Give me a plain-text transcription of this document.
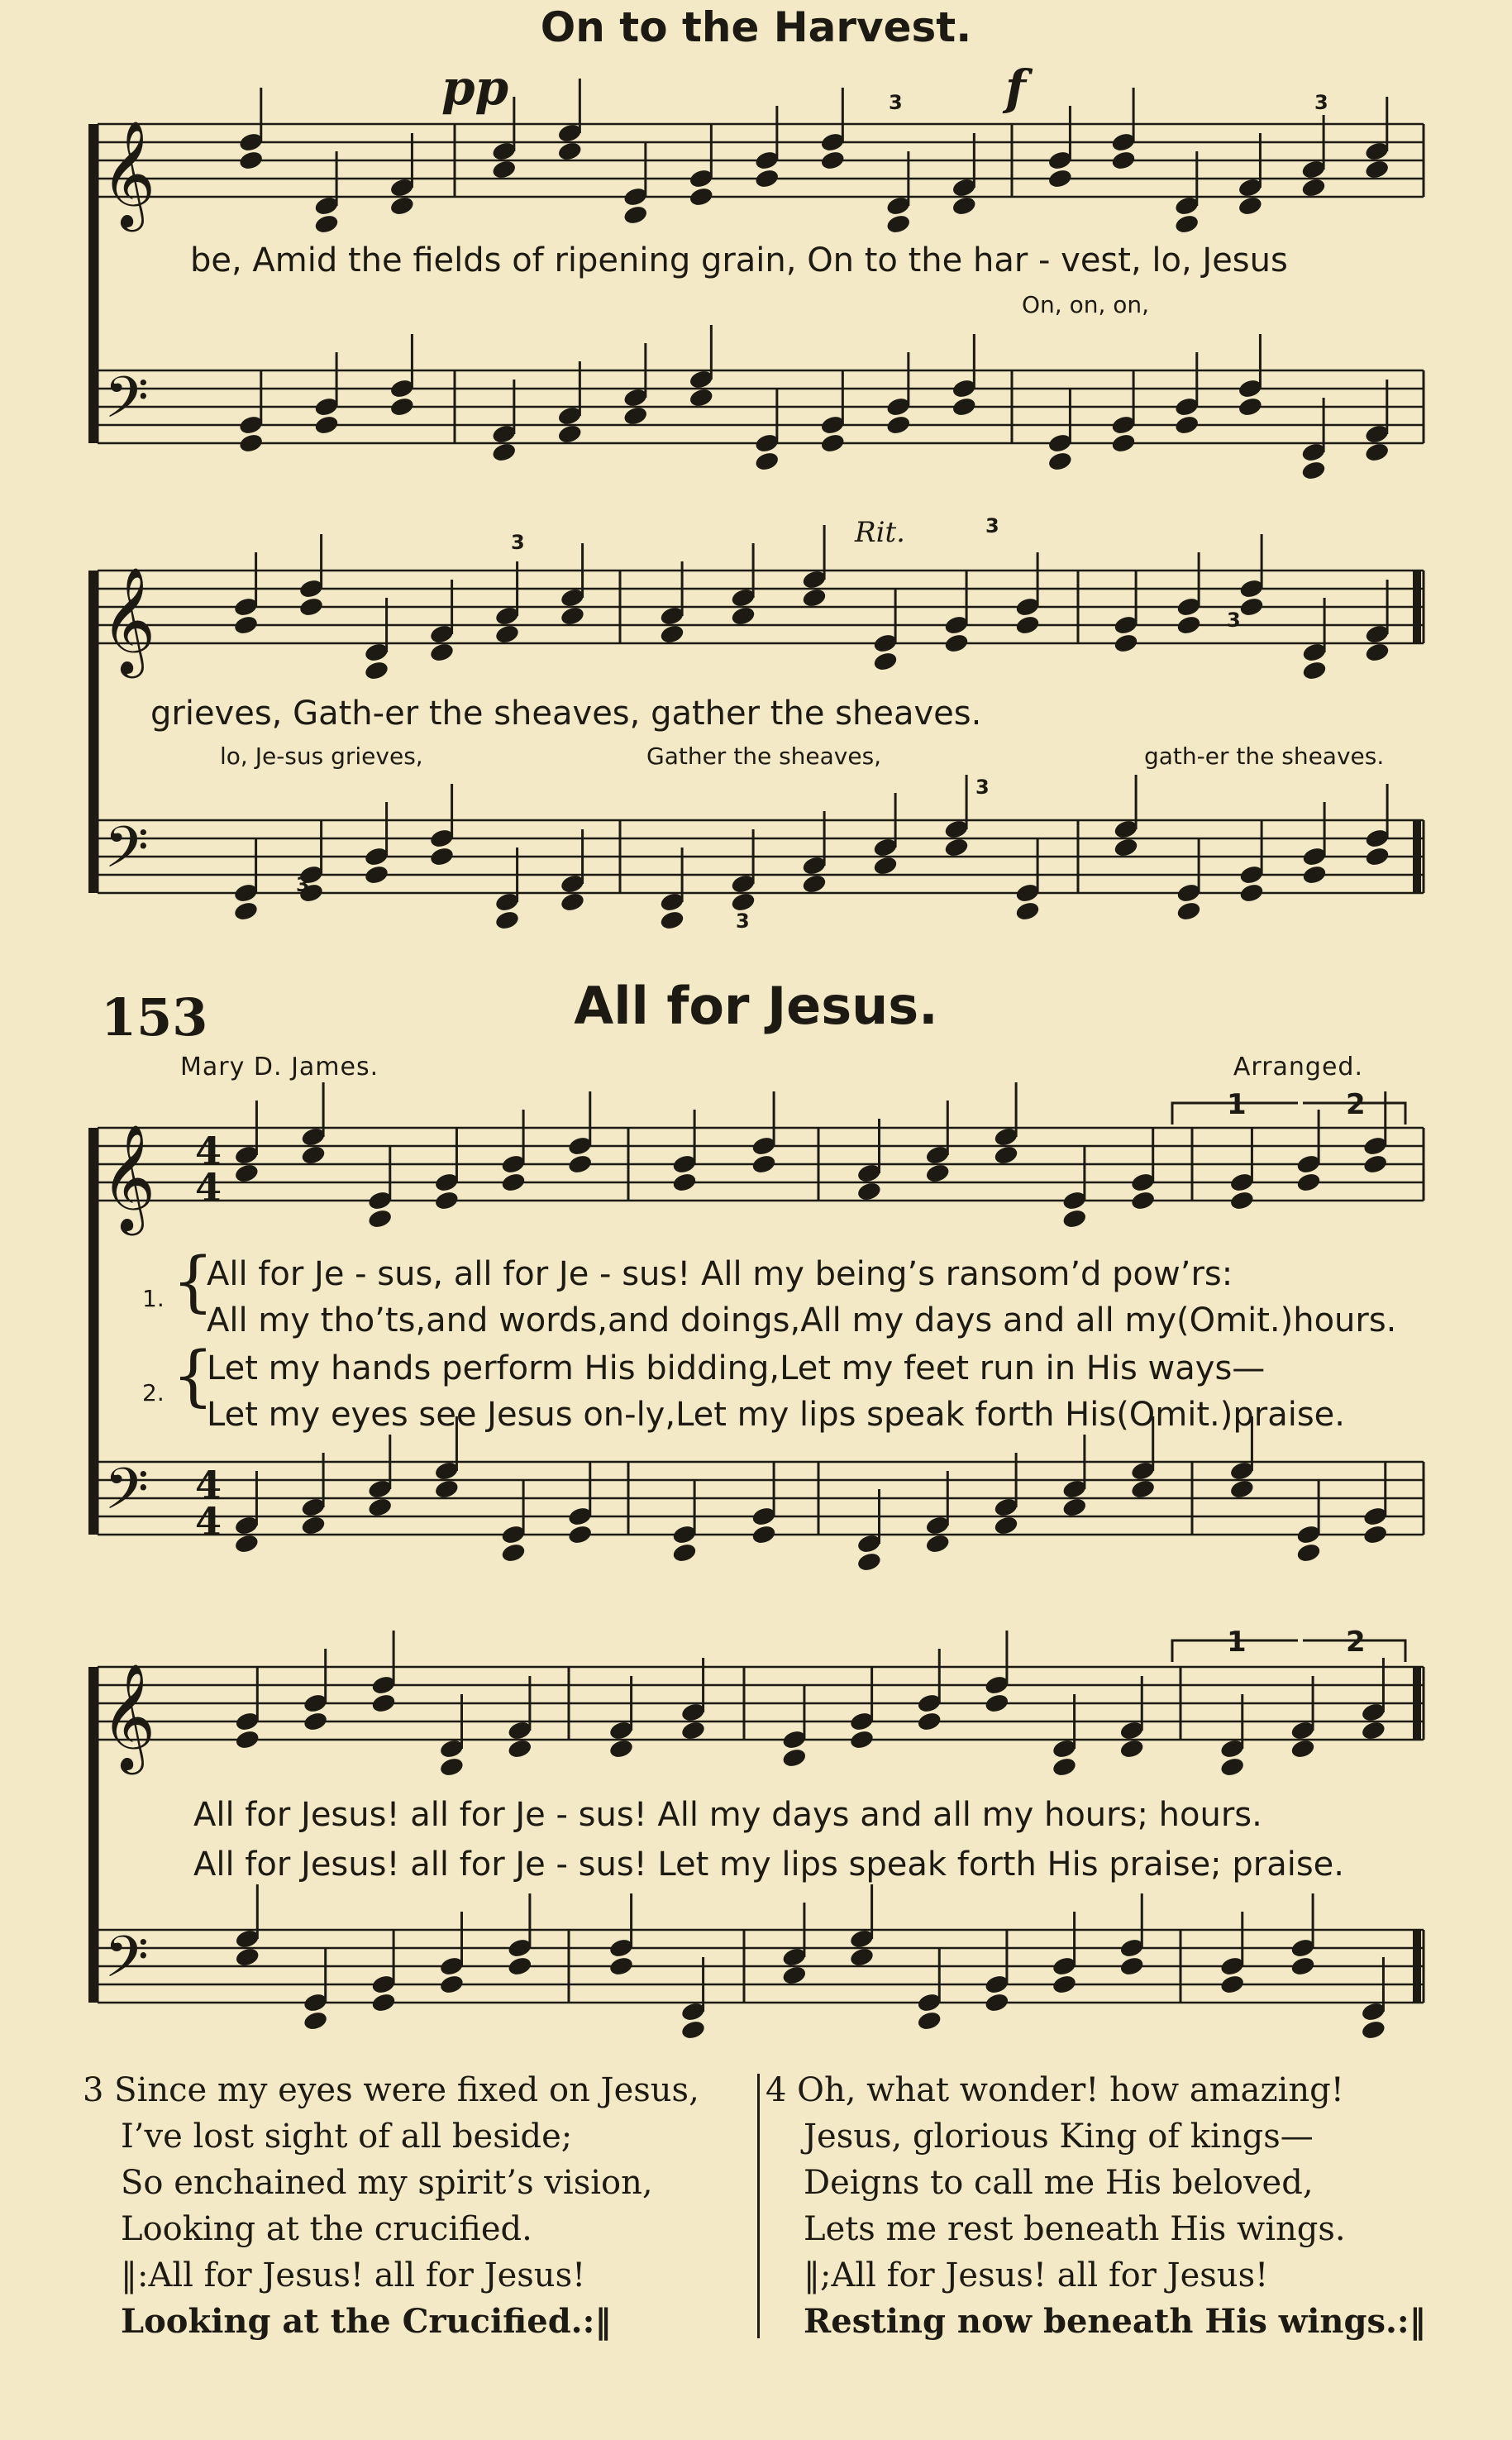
𝄞
𝄢
𝄞
𝄢
𝄞
𝄢
𝄞
𝄢
4
4
4
4
On to the Harvest.
pp	f
Rit.
3	3
3
3
3
3
3
3
be, Amid the fields of ripening grain, On to the har - vest, lo, Jesus
On, on, on,
grieves, Gath-er the sheaves, gather the sheaves.
lo, Je-sus grieves,	Gather the sheaves,	gath-er the sheaves.
153	All for Jesus.
Mary D. James.	Arranged.
1	2
1	2
1. {
All for Je - sus, all for Je - sus! All my being’s ransom’d pow’rs:
All my tho’ts,and words,and doings,All my days and all my(Omit.)hours.
2. {
Let my hands perform His bidding,Let my feet run in His ways—
Let my eyes see Jesus on-ly,Let my lips speak forth His(Omit.)praise.
All for Jesus! all for Je - sus! All my days and all my hours; hours.
All for Jesus! all for Je - sus! Let my lips speak forth His praise; praise.
3 Since my eyes were fixed on Jesus,
I’ve lost sight of all beside;
So enchained my spirit’s vision,
Looking at the crucified.
‖:All for Jesus! all for Jesus!
Looking at the Crucified.:‖
4 Oh, what wonder! how amazing!
Jesus, glorious King of kings—
Deigns to call me His beloved,
Lets me rest beneath His wings.
‖;All for Jesus! all for Jesus!
Resting now beneath His wings.:‖
